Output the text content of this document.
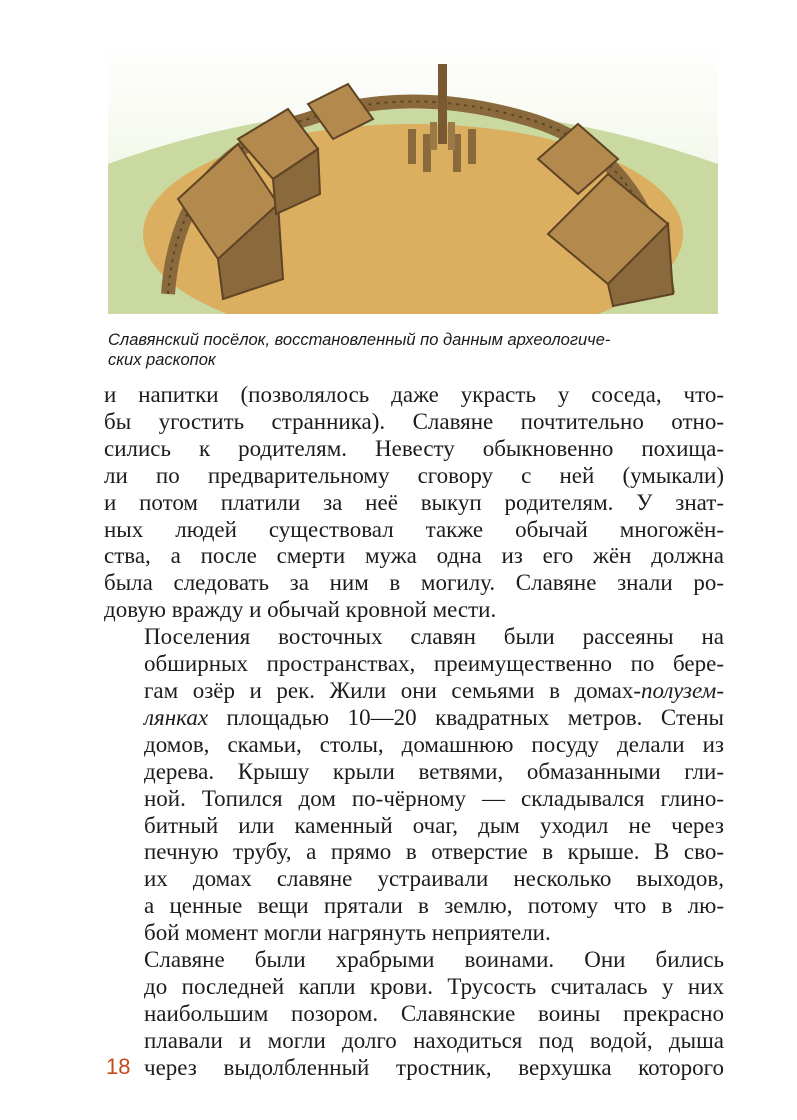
Славянский посёлок, восстановленный по данным археологиче-
ских раскопок

и напитки (позволялось даже украсть у соседа, что-
бы угостить странника). Славяне почтительно отно-
сились к родителям. Невесту обыкновенно похища-
ли по предварительному сговору с ней (умыкали)
и потом платили за неё выкуп родителям. У знат-
ных людей существовал также обычай многожён-
ства, а после смерти мужа одна из его жён должна
была следовать за ним в могилу. Славяне знали ро-
довую вражду и обычай кровной мести.

Поселения восточных славян были рассеяны на
обширных пространствах, преимущественно по бере-
гам озёр и рек. Жили они семьями в домах-полузем-
лянках площадью 10—20 квадратных метров. Стены
домов, скамьи, столы, домашнюю посуду делали из
дерева. Крышу крыли ветвями, обмазанными гли-
ной. Топился дом по-чёрному — складывался глино-
битный или каменный очаг, дым уходил не через
печную трубу, а прямо в отверстие в крыше. В сво-
их домах славяне устраивали несколько выходов,
а ценные вещи прятали в землю, потому что в лю-
бой момент могли нагрянуть неприятели.

Славяне были храбрыми воинами. Они бились
до последней капли крови. Трусость считалась у них
наибольшим позором. Славянские воины прекрасно
плавали и могли долго находиться под водой, дыша
через выдолбленный тростник, верхушка которого

18
